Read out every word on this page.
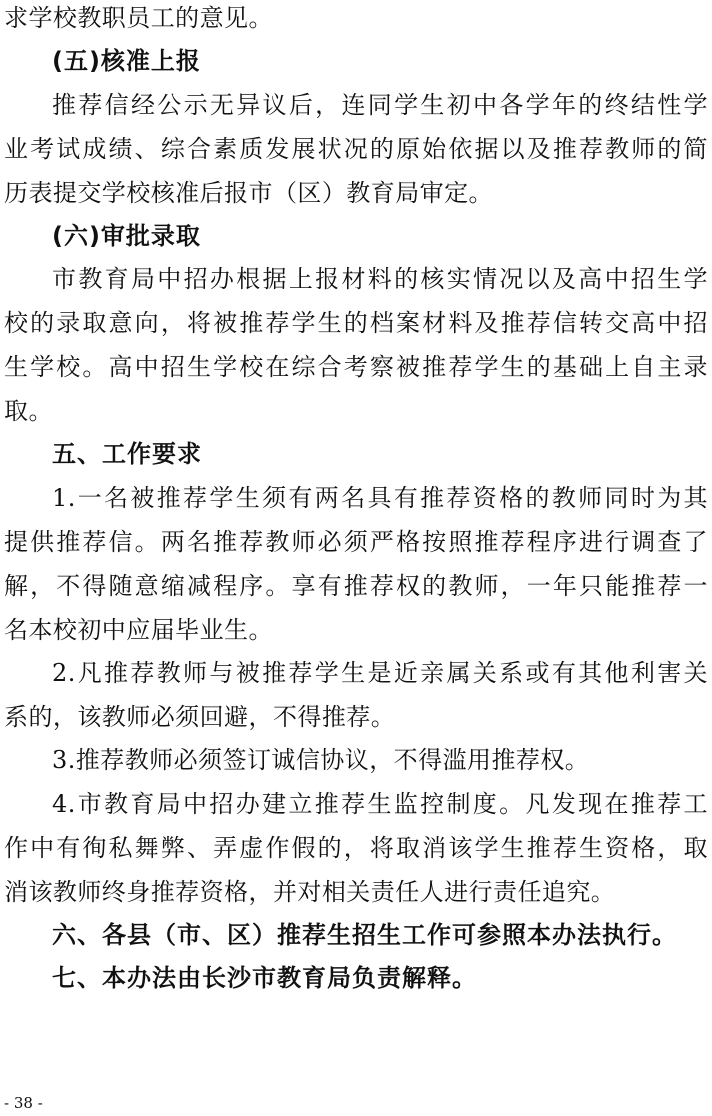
求学校教职员工的意见。
(五)核准上报
推荐信经公示无异议后，连同学生初中各学年的终结性学
业考试成绩、综合素质发展状况的原始依据以及推荐教师的简
历表提交学校核准后报市（区）教育局审定。
(六)审批录取
市教育局中招办根据上报材料的核实情况以及高中招生学
校的录取意向，将被推荐学生的档案材料及推荐信转交高中招
生学校。高中招生学校在综合考察被推荐学生的基础上自主录
取。
五、工作要求
1.一名被推荐学生须有两名具有推荐资格的教师同时为其
提供推荐信。两名推荐教师必须严格按照推荐程序进行调查了
解，不得随意缩减程序。享有推荐权的教师，一年只能推荐一
名本校初中应届毕业生。
2.凡推荐教师与被推荐学生是近亲属关系或有其他利害关
系的，该教师必须回避，不得推荐。
3.推荐教师必须签订诚信协议，不得滥用推荐权。
4.市教育局中招办建立推荐生监控制度。凡发现在推荐工
作中有徇私舞弊、弄虚作假的，将取消该学生推荐生资格，取
消该教师终身推荐资格，并对相关责任人进行责任追究。
六、各县（市、区）推荐生招生工作可参照本办法执行。
七、本办法由长沙市教育局负责解释。
- 38 -
